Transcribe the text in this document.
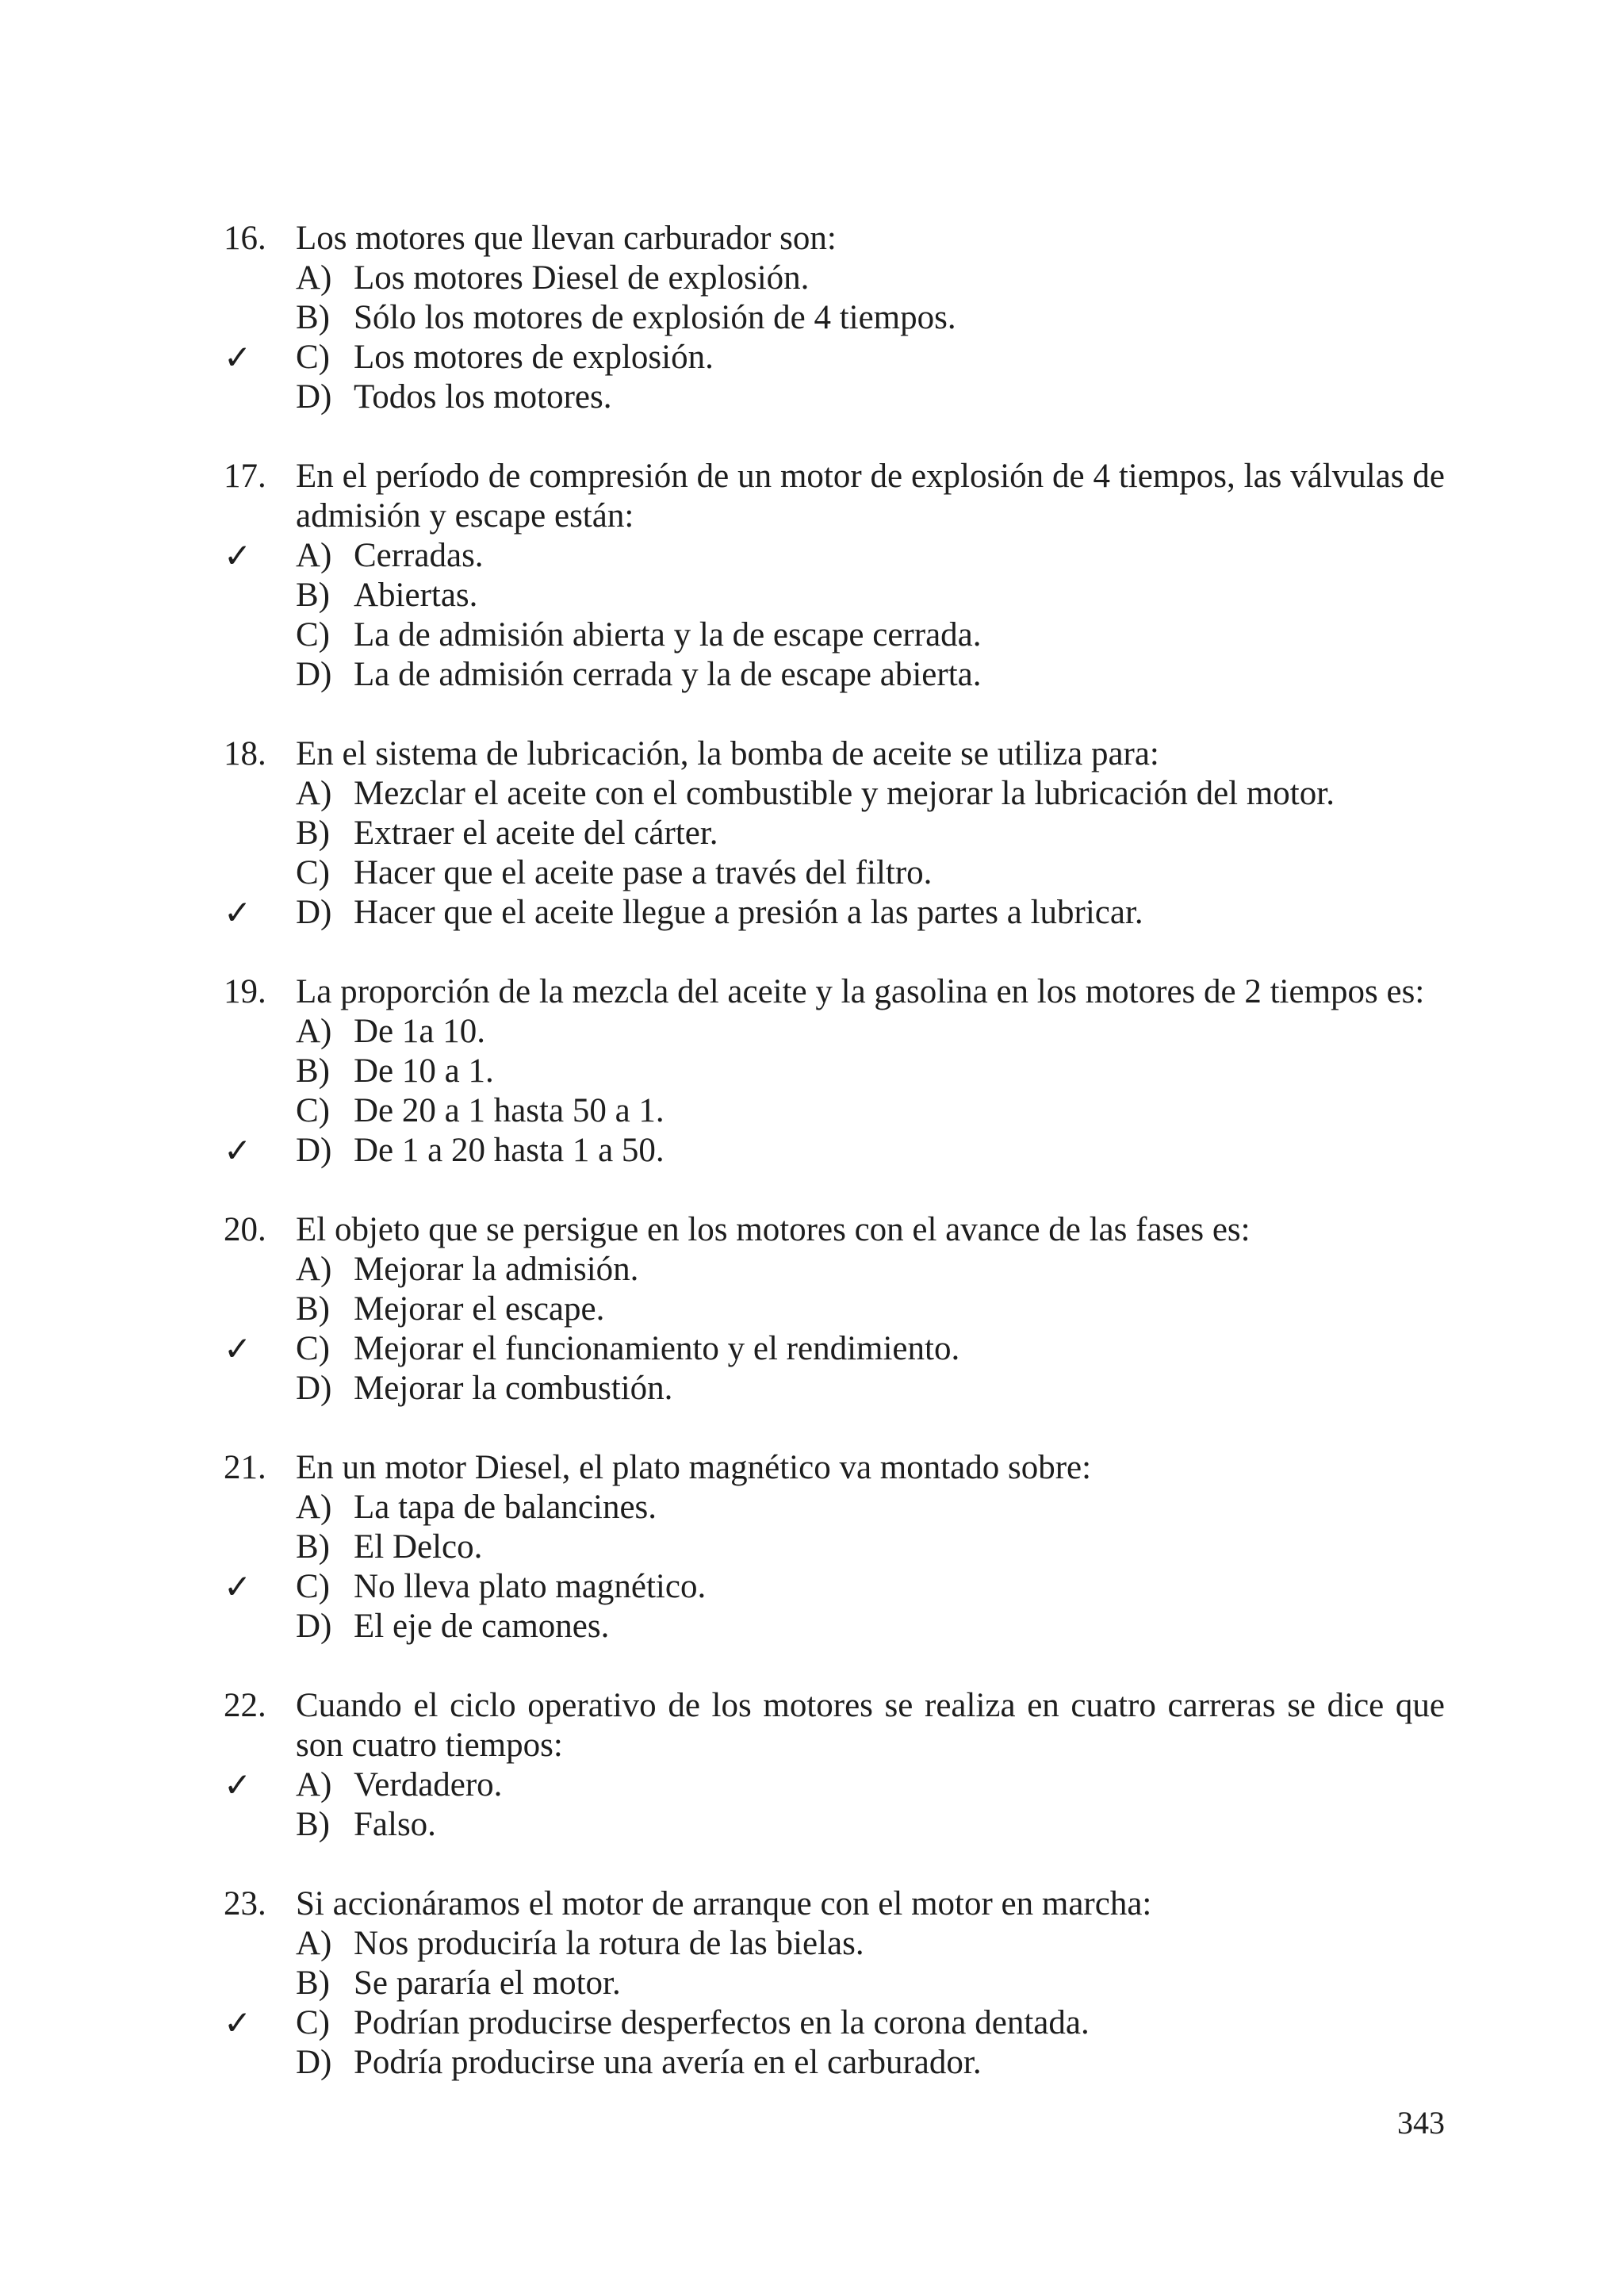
16. Los motores que llevan carburador son:
A) Los motores Diesel de explosión.
B) Sólo los motores de explosión de 4 tiempos.
✓ C) Los motores de explosión.
D) Todos los motores.
17. En el período de compresión de un motor de explosión de 4 tiempos, las válvulas de admisión y escape están:
✓ A) Cerradas.
B) Abiertas.
C) La de admisión abierta y la de escape cerrada.
D) La de admisión cerrada y la de escape abierta.
18. En el sistema de lubricación, la bomba de aceite se utiliza para:
A) Mezclar el aceite con el combustible y mejorar la lubricación del motor.
B) Extraer el aceite del cárter.
C) Hacer que el aceite pase a través del filtro.
✓ D) Hacer que el aceite llegue a presión a las partes a lubricar.
19. La proporción de la mezcla del aceite y la gasolina en los motores de 2 tiempos es:
A) De 1a 10.
B) De 10 a 1.
C) De 20 a 1 hasta 50 a 1.
✓ D) De 1 a 20 hasta 1 a 50.
20. El objeto que se persigue en los motores con el avance de las fases es:
A) Mejorar la admisión.
B) Mejorar el escape.
✓ C) Mejorar el funcionamiento y el rendimiento.
D) Mejorar la combustión.
21. En un motor Diesel, el plato magnético va montado sobre:
A) La tapa de balancines.
B) El Delco.
✓ C) No lleva plato magnético.
D) El eje de camones.
22. Cuando el ciclo operativo de los motores se realiza en cuatro carreras se dice que son cuatro tiempos:
✓ A) Verdadero.
B) Falso.
23. Si accionáramos el motor de arranque con el motor en marcha:
A) Nos produciría la rotura de las bielas.
B) Se pararía el motor.
✓ C) Podrían producirse desperfectos en la corona dentada.
D) Podría producirse una avería en el carburador.
343
